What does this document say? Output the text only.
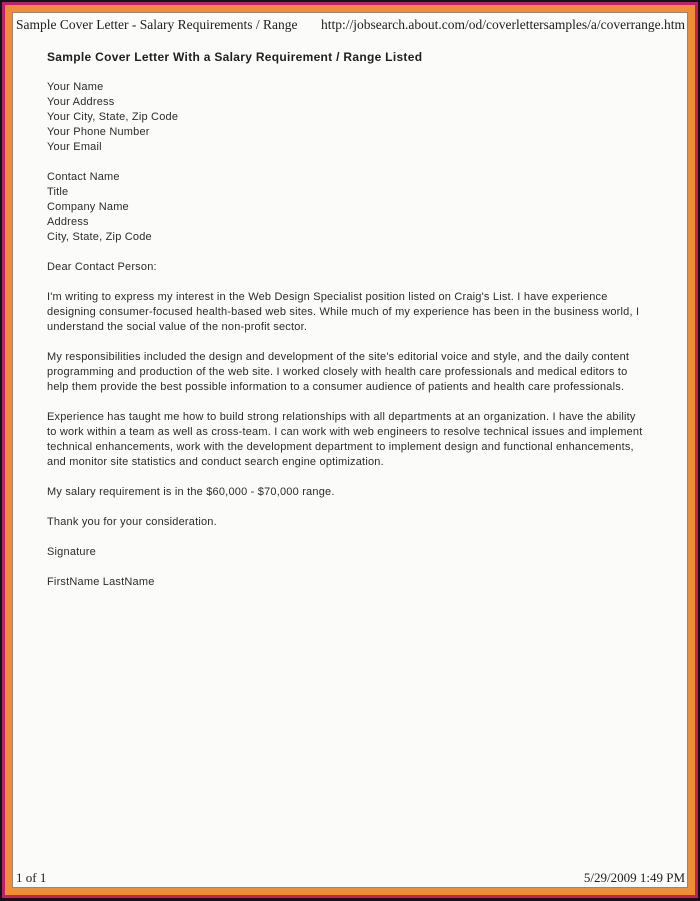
Sample Cover Letter - Salary Requirements / Range http://jobsearch.about.com/od/coverlettersamples/a/coverrange.htm
Sample Cover Letter With a Salary Requirement / Range Listed
Your Name
Your Address
Your City, State, Zip Code
Your Phone Number
Your Email
Contact Name
Title
Company Name
Address
City, State, Zip Code
Dear Contact Person:
I'm writing to express my interest in the Web Design Specialist position listed on Craig's List. I have experience
designing consumer-focused health-based web sites. While much of my experience has been in the business world, I
understand the social value of the non-profit sector.
My responsibilities included the design and development of the site's editorial voice and style, and the daily content
programming and production of the web site. I worked closely with health care professionals and medical editors to
help them provide the best possible information to a consumer audience of patients and health care professionals.
Experience has taught me how to build strong relationships with all departments at an organization. I have the ability
to work within a team as well as cross-team. I can work with web engineers to resolve technical issues and implement
technical enhancements, work with the development department to implement design and functional enhancements,
and monitor site statistics and conduct search engine optimization.
My salary requirement is in the $60,000 - $70,000 range.
Thank you for your consideration.
Signature
FirstName LastName
1 of 1	5/29/2009 1:49 PM
